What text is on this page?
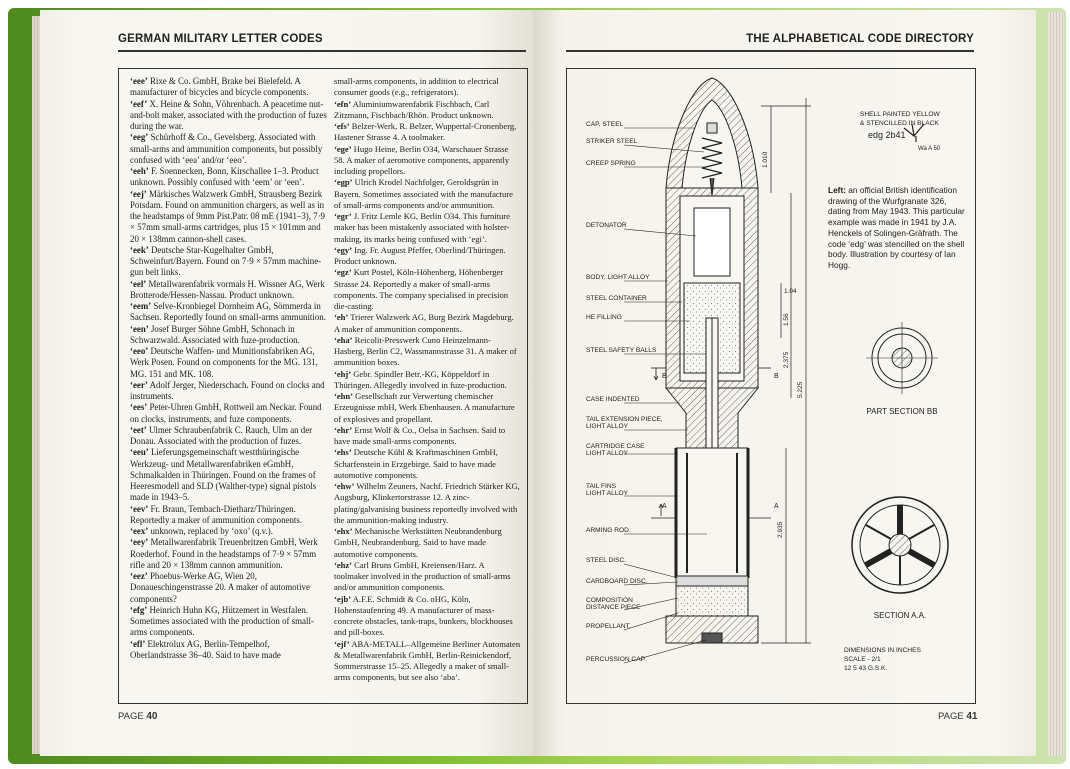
GERMAN MILITARY LETTER CODES

‘eee’ Rixe & Co. GmbH, Brake bei Bielefeld. A manufacturer of bicycles and bicycle components.

‘eef’ X. Heine & Sohn, Vöhrenbach. A peacetime nut-and-bolt maker, associated with the production of fuzes during the war.

‘eeg’ Schürhoff & Co., Gevelsberg. Associated with small-arms and ammunition components, but possibly confused with ‘eea’ and/or ‘eeo’.

‘eeh’ F. Soennecken, Bonn, Kirschallee 1–3. Product unknown. Possibly confused with ‘eem’ or ‘een’.

‘eej’ Märkisches Walzwerk GmbH, Strausberg Bezirk Potsdam. Found on ammunition chargers, as well as in the headstamps of 9mm Pist.Patr. 08 mE (1941–3), 7·9 × 57mm small-arms cartridges, plus 15 × 101mm and 20 × 138mm cannon-shell cases.

‘eek’ Deutsche Star-Kugelhalter GmbH, Schweinfurt/Bayern. Found on 7·9 × 57mm machine-gun belt links.

‘eel’ Metallwarenfabrik vormals H. Wissner AG, Werk Brotterode/Hessen-Nassau. Product unknown.

‘eem’ Selve-Kronbiegel Dornheim AG, Sömmerda in Sachsen. Reportedly found on small-arms ammunition.

‘een’ Josef Burger Söhne GmbH, Schonach in Schwarzwald. Associated with fuze-production.

‘eeo’ Deutsche Waffen- und Munitionsfabriken AG, Werk Posen. Found on components for the MG. 131, MG. 151 and MK. 108.

‘eer’ Adolf Jerger, Niederschach. Found on clocks and instruments.

‘ees’ Peter-Uhren GmbH, Rottweil am Neckar. Found on clocks, instruments, and fuze components.

‘eet’ Ulmer Schraubenfabrik C. Rauch, Ulm an der Donau. Associated with the production of fuzes.

‘eeu’ Lieferungsgemeinschaft westthüringische Werkzeug- und Metallwarenfabriken eGmbH, Schmalkalden in Thüringen. Found on the frames of Heeresmodell and SLD (Walther-type) signal pistols made in 1943–5.

‘eev’ Fr. Braun, Tembach-Dietharz/Thüringen. Reportedly a maker of ammunition components.

‘eex’ unknown, replaced by ‘oxo’ (q.v.).

‘eey’ Metallwarenfabrik Treuenbritzen GmbH, Werk Roederhof. Found in the headstamps of 7·9 × 57mm rifle and 20 × 138mm cannon ammunition.

‘eez’ Phoebus-Werke AG, Wien 20, Donaueschingenstrasse 20. A maker of automotive components?

‘efg’ Heinrich Huhn KG, Hützemert in Westfalen. Sometimes associated with the production of small-arms components.

‘efl’ Elektrolux AG, Berlin-Tempelhof, Oberlandstrasse 36–40. Said to have made

small-arms components, in addition to electrical consumer goods (e.g., refrigerators).

‘efn’ Aluminiumwarenfabrik Fischbach, Carl Zitzmann, Fischbach/Rhön. Product unknown.

‘efs’ Belzer-Werk, R. Belzer, Wuppertal-Cronenberg, Hastener Strasse 4. A toolmaker.

‘ege’ Hugo Heine, Berlin O34, Warschauer Strasse 58. A maker of aeromotive components, apparently including propellors.

‘egp’ Ulrich Krodel Nachfolger, Geroldsgrün in Bayern. Sometimes associated with the manufacture of small-arms components and/or ammunition.

‘egr’ J. Fritz Lemle KG, Berlin O34. This furniture maker has been mistakenly associated with holster-making, its marks being confused with ‘egi’.

‘egy’ Ing. Fr. August Pfeffer, Oberlind/Thüringen. Product unknown.

‘egz’ Kurt Postel, Köln-Höhenberg, Höhenberger Strasse 24. Reportedly a maker of small-arms components. The company specialised in precision die-casting.

‘eh’ Trierer Walzwerk AG, Burg Bezirk Magdeburg. A maker of ammunition components.

‘eha’ Reicolit-Presswerk Cuno Heinzelmann-Hasberg, Berlin C2, Wassmannstrasse 31. A maker of ammunition boxes.

‘ehj’ Gebr. Spindler Betr.-KG, Köppeldorf in Thüringen. Allegedly involved in fuze-production.

‘ehn’ Gesellschaft zur Verwertung chemischer Erzeugnisse mbH, Werk Ebenhausen. A manufacture of explosives and propellant.

‘ehr’ Ernst Wolf & Co., Oelsa in Sachsen. Said to have made small-arms components.

‘ehs’ Deutsche Kühl & Kraftmaschinen GmbH, Scharfenstein in Erzgebirge. Said to have made automotive components.

‘ehw’ Wilhelm Zeuners, Nachf. Friedrich Stärker KG, Augsburg, Klinkertorstrasse 12. A zinc-plating/galvanising business reportedly involved with the ammunition-making industry.

‘ehx’ Mechanische Werkstätten Neubrandenburg GmbH, Neubrandenburg. Said to have made automotive components.

‘ehz’ Carl Bruns GmbH, Kreiensen/Harz. A toolmaker involved in the production of small-arms and/or ammunition components.

‘ejb’ A.F.E. Schmidt & Co. oHG, Köln, Hohenstaufenring 49. A manufacturer of mass-concrete obstacles, tank-traps, bunkers, blockhouses and pill-boxes.

‘ejf’ ABA-METALL–Allgemeine Berliner Automaten & Metallwarenfabrik GmbH, Berlin-Reinickendorf, Sommerstrasse 15–25. Allegedly a maker of small-arms components, but see also ‘aba’.

PAGE 40
THE ALPHABETICAL CODE DIRECTORY
CAP, STEEL
STRIKER STEEL
CREEP SPRING
DETONATOR
BODY, LIGHT ALLOY
STEEL CONTAINER
HE FILLING
STEEL SAFETY BALLS
CASE INDENTED
TAIL EXTENSION PIECE,
LIGHT ALLOY
CARTRIDGE CASE
LIGHT ALLOY
TAIL FINS
LIGHT ALLOY
ARMING ROD.
STEEL DISC.
CARDBOARD DISC.
COMPOSITION
DISTANCE PIECE
PROPELLANT.
PERCUSSION CAP
SHELL PAINTED YELLOW
& STENCILLED IN BLACK
edg 2b41
Wa A 50
1.010
1.04
1.56
2.375
5.225
2.935
B	B
A	A
PART SECTION BB
SECTION A.A.
DIMENSIONS IN INCHES
SCALE - 2/1
12 5 43 G.S.K.
Left: an official British identification drawing of the Wurfgranate 326, dating from May 1943. This particular example was made in 1941 by J.A. Henckels of Solingen-Gräfrath. The code ‘edg’ was stencilled on the shell body. Illustration by courtesy of Ian Hogg.
PAGE 41
